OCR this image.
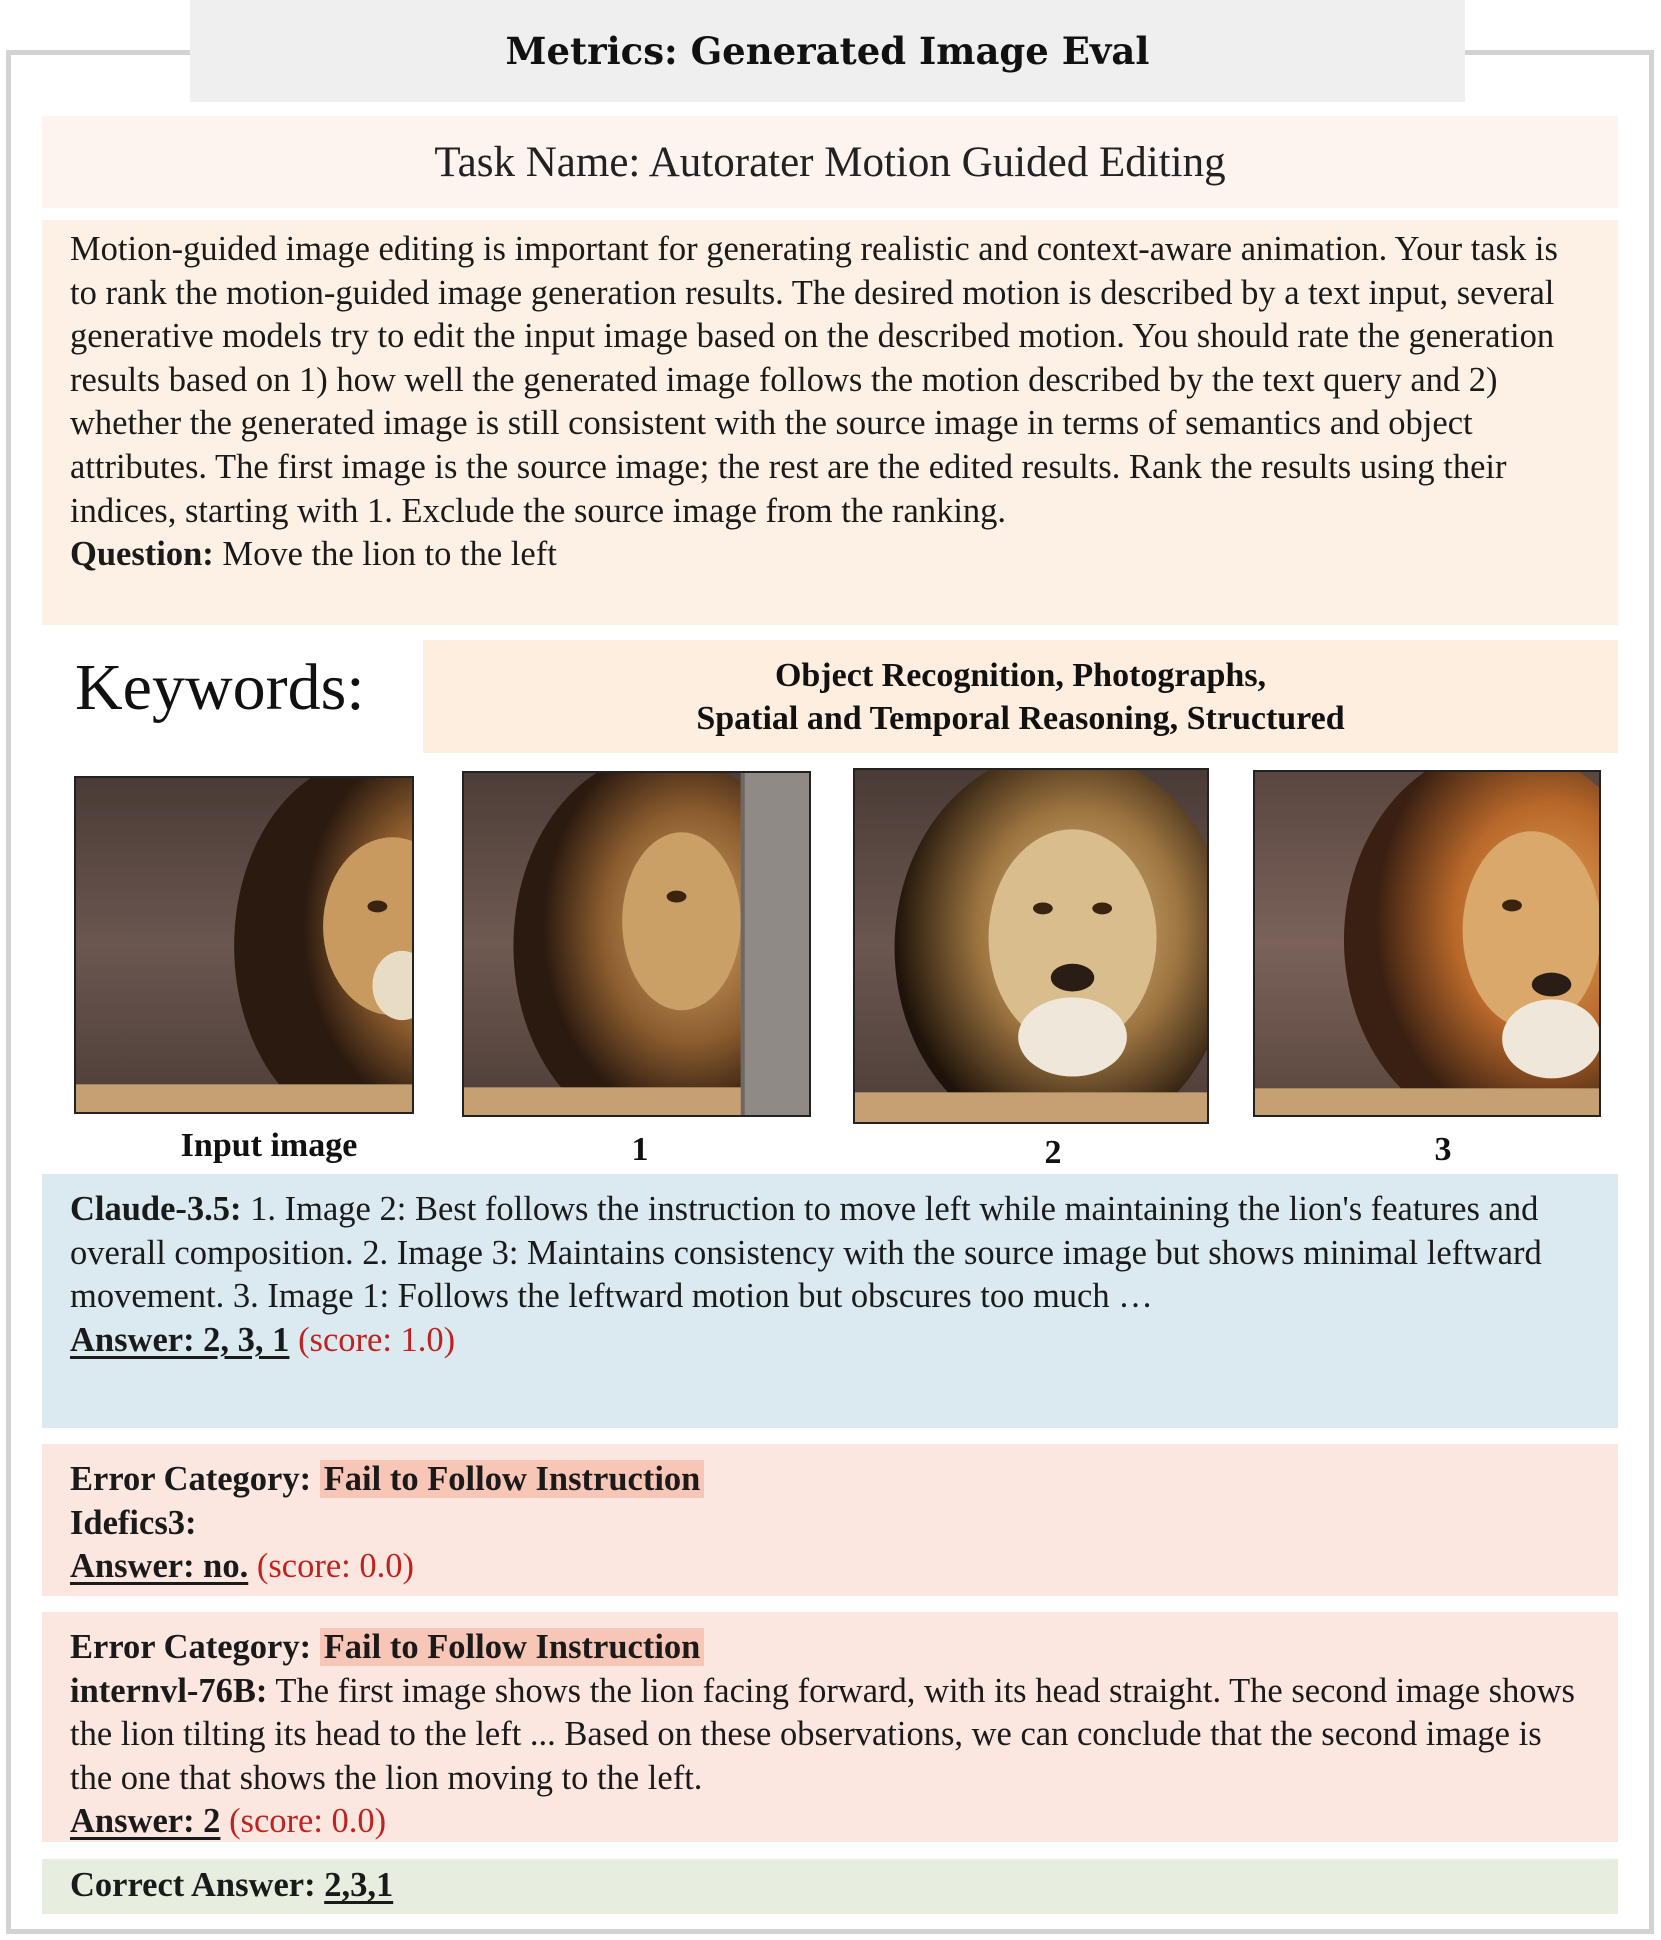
Metrics: Generated Image Eval
Task Name: Autorater Motion Guided Editing
Motion-guided image editing is important for generating realistic and context-aware animation. Your task is to rank the motion-guided image generation results. The desired motion is described by a text input, several generative models try to edit the input image based on the described motion. You should rate the generation results based on 1) how well the generated image follows the motion described by the text query and 2) whether the generated image is still consistent with the source image in terms of semantics and object attributes. The first image is the source image; the rest are the edited results. Rank the results using their indices, starting with 1. Exclude the source image from the ranking.
Question: Move the lion to the left
Keywords:	Object Recognition, Photographs,
Spatial and Temporal Reasoning, Structured
Input image	1	2	3
Claude-3.5: 1. Image 2: Best follows the instruction to move left while maintaining the lion's features and overall composition. 2. Image 3: Maintains consistency with the source image but shows minimal leftward movement. 3. Image 1: Follows the leftward motion but obscures too much …
Answer: 2, 3, 1 (score: 1.0)
Error Category: Fail to Follow Instruction
Idefics3:
Answer: no. (score: 0.0)
Error Category: Fail to Follow Instruction
internvl-76B: The first image shows the lion facing forward, with its head straight. The second image shows the lion tilting its head to the left ... Based on these observations, we can conclude that the second image is the one that shows the lion moving to the left.
Answer: 2 (score: 0.0)
Correct Answer: 2,3,1
